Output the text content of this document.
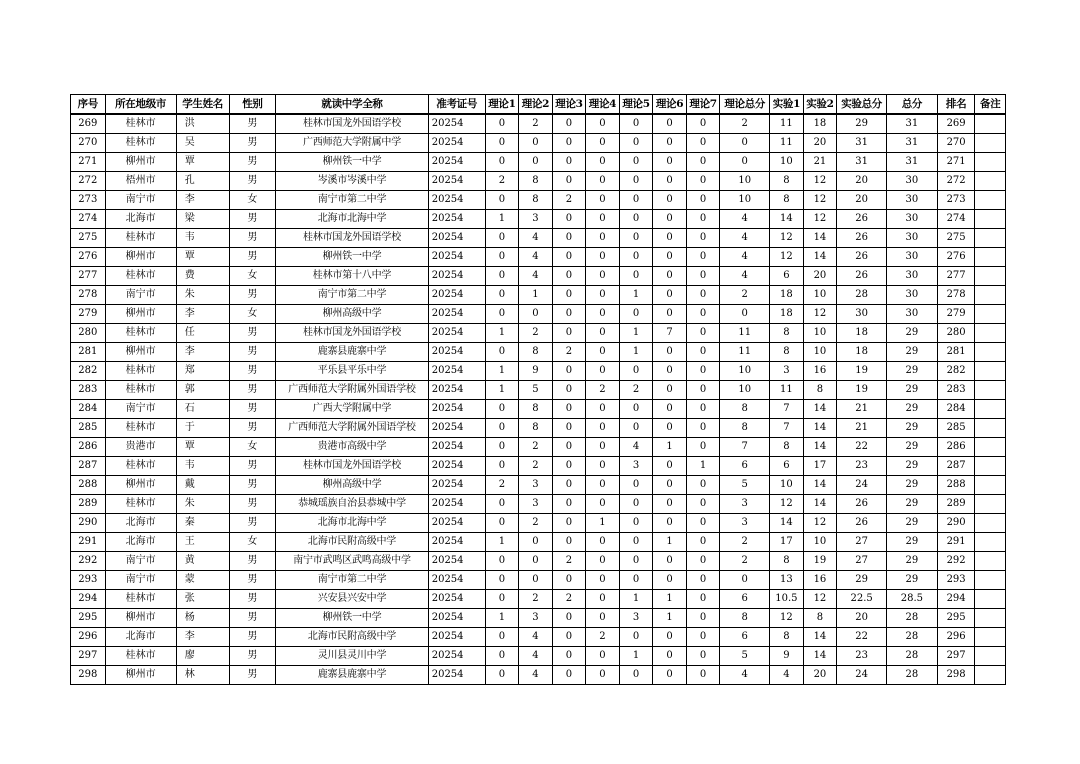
序号	所在地级市	学生姓名	性别	就读中学全称	准考证号	理论1	理论2	理论3	理论4	理论5	理论6	理论7	理论总分	实验1	实验2	实验总分	总分	排名	备注
269	桂林市	洪	男	桂林市国龙外国语学校	20254	0	2	0	0	0	0	0	2	11	18	29	31	269	
270	桂林市	吴	男	广西师范大学附属中学	20254	0	0	0	0	0	0	0	0	11	20	31	31	270	
271	柳州市	覃	男	柳州铁一中学	20254	0	0	0	0	0	0	0	0	10	21	31	31	271	
272	梧州市	孔	男	岑溪市岑溪中学	20254	2	8	0	0	0	0	0	10	8	12	20	30	272	
273	南宁市	李	女	南宁市第二中学	20254	0	8	2	0	0	0	0	10	8	12	20	30	273	
274	北海市	梁	男	北海市北海中学	20254	1	3	0	0	0	0	0	4	14	12	26	30	274	
275	桂林市	韦	男	桂林市国龙外国语学校	20254	0	4	0	0	0	0	0	4	12	14	26	30	275	
276	柳州市	覃	男	柳州铁一中学	20254	0	4	0	0	0	0	0	4	12	14	26	30	276	
277	桂林市	费	女	桂林市第十八中学	20254	0	4	0	0	0	0	0	4	6	20	26	30	277	
278	南宁市	朱	男	南宁市第二中学	20254	0	1	0	0	1	0	0	2	18	10	28	30	278	
279	柳州市	李	女	柳州高级中学	20254	0	0	0	0	0	0	0	0	18	12	30	30	279	
280	桂林市	任	男	桂林市国龙外国语学校	20254	1	2	0	0	1	7	0	11	8	10	18	29	280	
281	柳州市	李	男	鹿寨县鹿寨中学	20254	0	8	2	0	1	0	0	11	8	10	18	29	281	
282	桂林市	郑	男	平乐县平乐中学	20254	1	9	0	0	0	0	0	10	3	16	19	29	282	
283	桂林市	郭	男	广西师范大学附属外国语学校	20254	1	5	0	2	2	0	0	10	11	8	19	29	283	
284	南宁市	石	男	广西大学附属中学	20254	0	8	0	0	0	0	0	8	7	14	21	29	284	
285	桂林市	于	男	广西师范大学附属外国语学校	20254	0	8	0	0	0	0	0	8	7	14	21	29	285	
286	贵港市	覃	女	贵港市高级中学	20254	0	2	0	0	4	1	0	7	8	14	22	29	286	
287	桂林市	韦	男	桂林市国龙外国语学校	20254	0	2	0	0	3	0	1	6	6	17	23	29	287	
288	柳州市	戴	男	柳州高级中学	20254	2	3	0	0	0	0	0	5	10	14	24	29	288	
289	桂林市	朱	男	恭城瑶族自治县恭城中学	20254	0	3	0	0	0	0	0	3	12	14	26	29	289	
290	北海市	秦	男	北海市北海中学	20254	0	2	0	1	0	0	0	3	14	12	26	29	290	
291	北海市	王	女	北海市民附高级中学	20254	1	0	0	0	0	1	0	2	17	10	27	29	291	
292	南宁市	黄	男	南宁市武鸣区武鸣高级中学	20254	0	0	2	0	0	0	0	2	8	19	27	29	292	
293	南宁市	蒙	男	南宁市第二中学	20254	0	0	0	0	0	0	0	0	13	16	29	29	293	
294	桂林市	张	男	兴安县兴安中学	20254	0	2	2	0	1	1	0	6	10.5	12	22.5	28.5	294	
295	柳州市	杨	男	柳州铁一中学	20254	1	3	0	0	3	1	0	8	12	8	20	28	295	
296	北海市	李	男	北海市民附高级中学	20254	0	4	0	2	0	0	0	6	8	14	22	28	296	
297	桂林市	廖	男	灵川县灵川中学	20254	0	4	0	0	1	0	0	5	9	14	23	28	297	
298	柳州市	林	男	鹿寨县鹿寨中学	20254	0	4	0	0	0	0	0	4	4	20	24	28	298	
